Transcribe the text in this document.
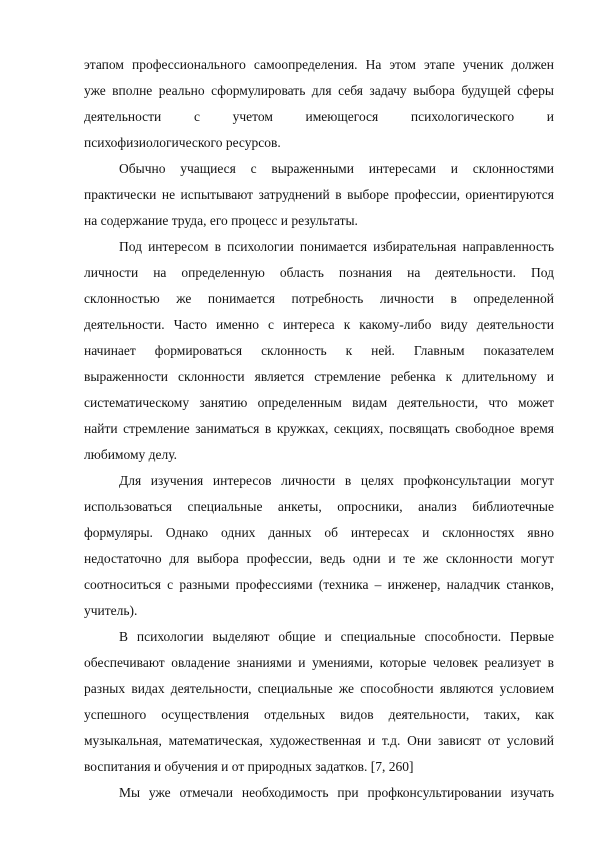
этапом профессионального самоопределения. На этом этапе ученик должен
уже вполне реально сформулировать для себя задачу выбора будущей сферы
деятельности с учетом имеющегося психологического и
психофизиологического ресурсов.
Обычно учащиеся с выраженными интересами и склонностями
практически не испытывают затруднений в выборе профессии, ориентируются
на содержание труда, его процесс и результаты.
Под интересом в психологии понимается избирательная направленность
личности на определенную область познания на деятельности. Под
склонностью же понимается потребность личности в определенной
деятельности. Часто именно с интереса к какому-либо виду деятельности
начинает формироваться склонность к ней. Главным показателем
выраженности склонности является стремление ребенка к длительному и
систематическому занятию определенным видам деятельности, что может
найти стремление заниматься в кружках, секциях, посвящать свободное время
любимому делу.
Для изучения интересов личности в целях профконсультации могут
использоваться специальные анкеты, опросники, анализ библиотечные
формуляры. Однако одних данных об интересах и склонностях явно
недостаточно для выбора профессии, ведь одни и те же склонности могут
соотноситься с разными профессиями (техника – инженер, наладчик станков,
учитель).
В психологии выделяют общие и специальные способности. Первые
обеспечивают овладение знаниями и умениями, которые человек реализует в
разных видах деятельности, специальные же способности являются условием
успешного осуществления отдельных видов деятельности, таких, как
музыкальная, математическая, художественная и т.д. Они зависят от условий
воспитания и обучения и от природных задатков. [7, 260]
Мы уже отмечали необходимость при профконсультировании изучать
